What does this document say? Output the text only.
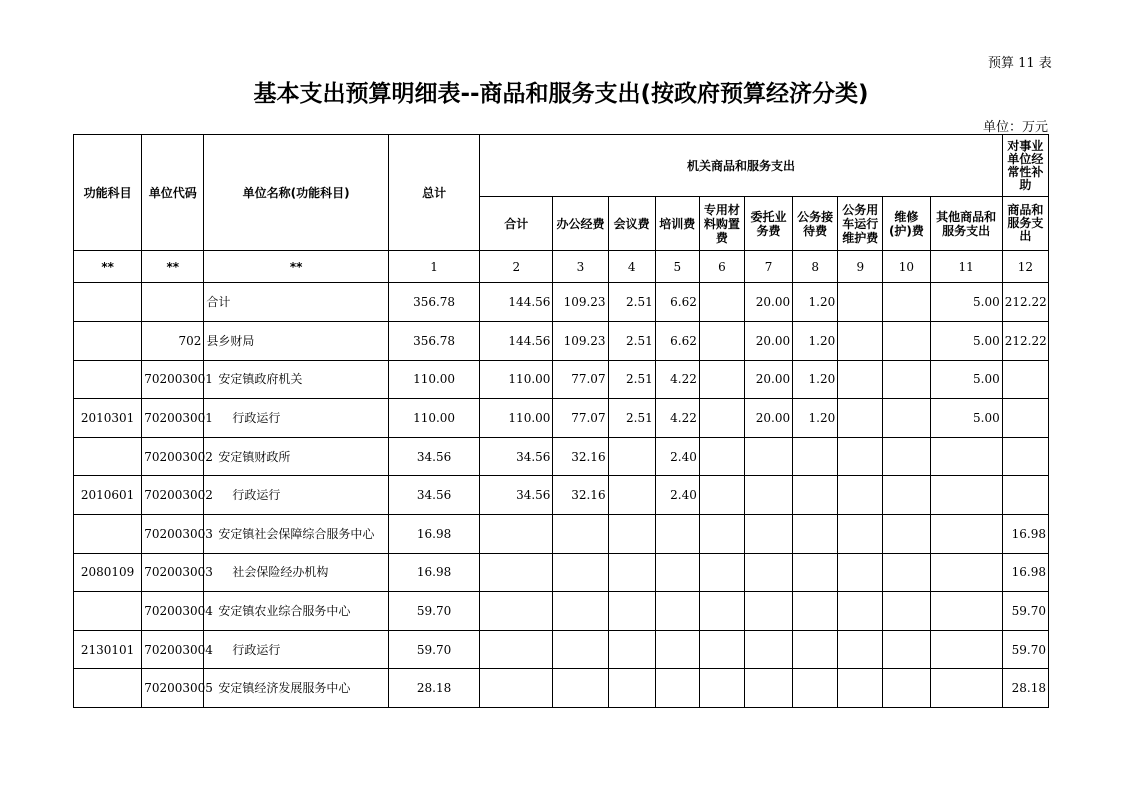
预算 11 表
基本支出预算明细表--商品和服务支出(按政府预算经济分类)
单位：万元
功能科目	单位代码	单位名称(功能科目)	总计	机关商品和服务支出										对事业单位经常性补助
				合计	办公经费	会议费	培训费	专用材料购置费	委托业务费	公务接待费	公务用车运行维护费	维修(护)费	其他商品和服务支出	商品和服务支出
**	**	**	1	2	3	4	5	6	7	8	9	10	11	12
		合计	356.78	144.56	109.23	2.51	6.62		20.00	1.20			5.00	212.22
	702	县乡财局	356.78	144.56	109.23	2.51	6.62		20.00	1.20			5.00	212.22
	702003001	安定镇政府机关	110.00	110.00	77.07	2.51	4.22		20.00	1.20			5.00	
2010301	702003001	行政运行	110.00	110.00	77.07	2.51	4.22		20.00	1.20			5.00	
	702003002	安定镇财政所	34.56	34.56	32.16		2.40							
2010601	702003002	行政运行	34.56	34.56	32.16		2.40							
	702003003	安定镇社会保障综合服务中心	16.98											16.98
2080109	702003003	社会保险经办机构	16.98											16.98
	702003004	安定镇农业综合服务中心	59.70											59.70
2130101	702003004	行政运行	59.70											59.70
	702003005	安定镇经济发展服务中心	28.18											28.18
